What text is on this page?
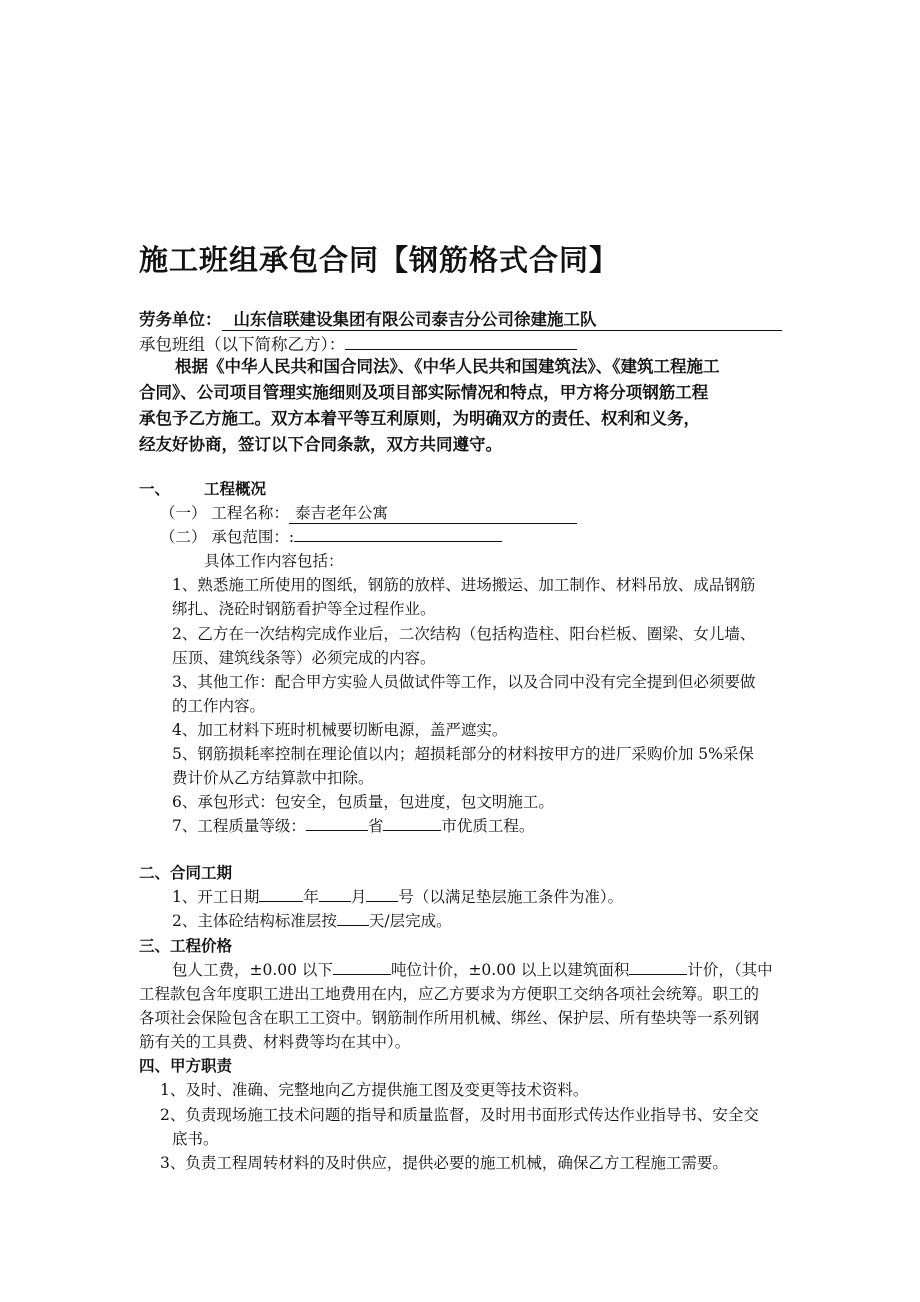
施工班组承包合同【钢筋格式合同】
劳务单位： 山东信联建设集团有限公司泰吉分公司徐建施工队
承包班组（以下简称乙方）：
根据《中华人民共和国合同法》、《中华人民共和国建筑法》、《建筑工程施工
合同》、公司项目管理实施细则及项目部实际情况和特点，甲方将分项钢筋工程
承包予乙方施工。双方本着平等互利原则，为明确双方的责任、权利和义务，
经友好协商，签订以下合同条款，双方共同遵守。
一、 工程概况
（一） 工程名称： 泰吉老年公寓
（二） 承包范围：:
具体工作内容包括：
1、熟悉施工所使用的图纸，钢筋的放样、进场搬运、加工制作、材料吊放、成品钢筋
绑扎、浇砼时钢筋看护等全过程作业。
2、乙方在一次结构完成作业后，二次结构（包括构造柱、阳台栏板、圈梁、女儿墙、
压顶、建筑线条等）必须完成的内容。
3、其他工作：配合甲方实验人员做试件等工作，以及合同中没有完全提到但必须要做
的工作内容。
4、加工材料下班时机械要切断电源，盖严遮实。
5、钢筋损耗率控制在理论值以内；超损耗部分的材料按甲方的进厂采购价加 5%采保
费计价从乙方结算款中扣除。
6、承包形式：包安全，包质量，包进度，包文明施工。
7、工程质量等级：	省	市优质工程。
二、合同工期
1、开工日期	年 月 号（以满足垫层施工条件为准）。
2、主体砼结构标准层按 天/层完成。
三、工程价格
包人工费，±0.00 以下	吨位计价，±0.00 以上以建筑面积	计价，（其中
工程款包含年度职工进出工地费用在内，应乙方要求为方便职工交纳各项社会统筹。职工的
各项社会保险包含在职工工资中。钢筋制作所用机械、绑丝、保护层、所有垫块等一系列钢
筋有关的工具费、材料费等均在其中）。
四、甲方职责
1、及时、准确、完整地向乙方提供施工图及变更等技术资料。
2、负责现场施工技术问题的指导和质量监督，及时用书面形式传达作业指导书、安全交
底书。
3、负责工程周转材料的及时供应，提供必要的施工机械，确保乙方工程施工需要。
